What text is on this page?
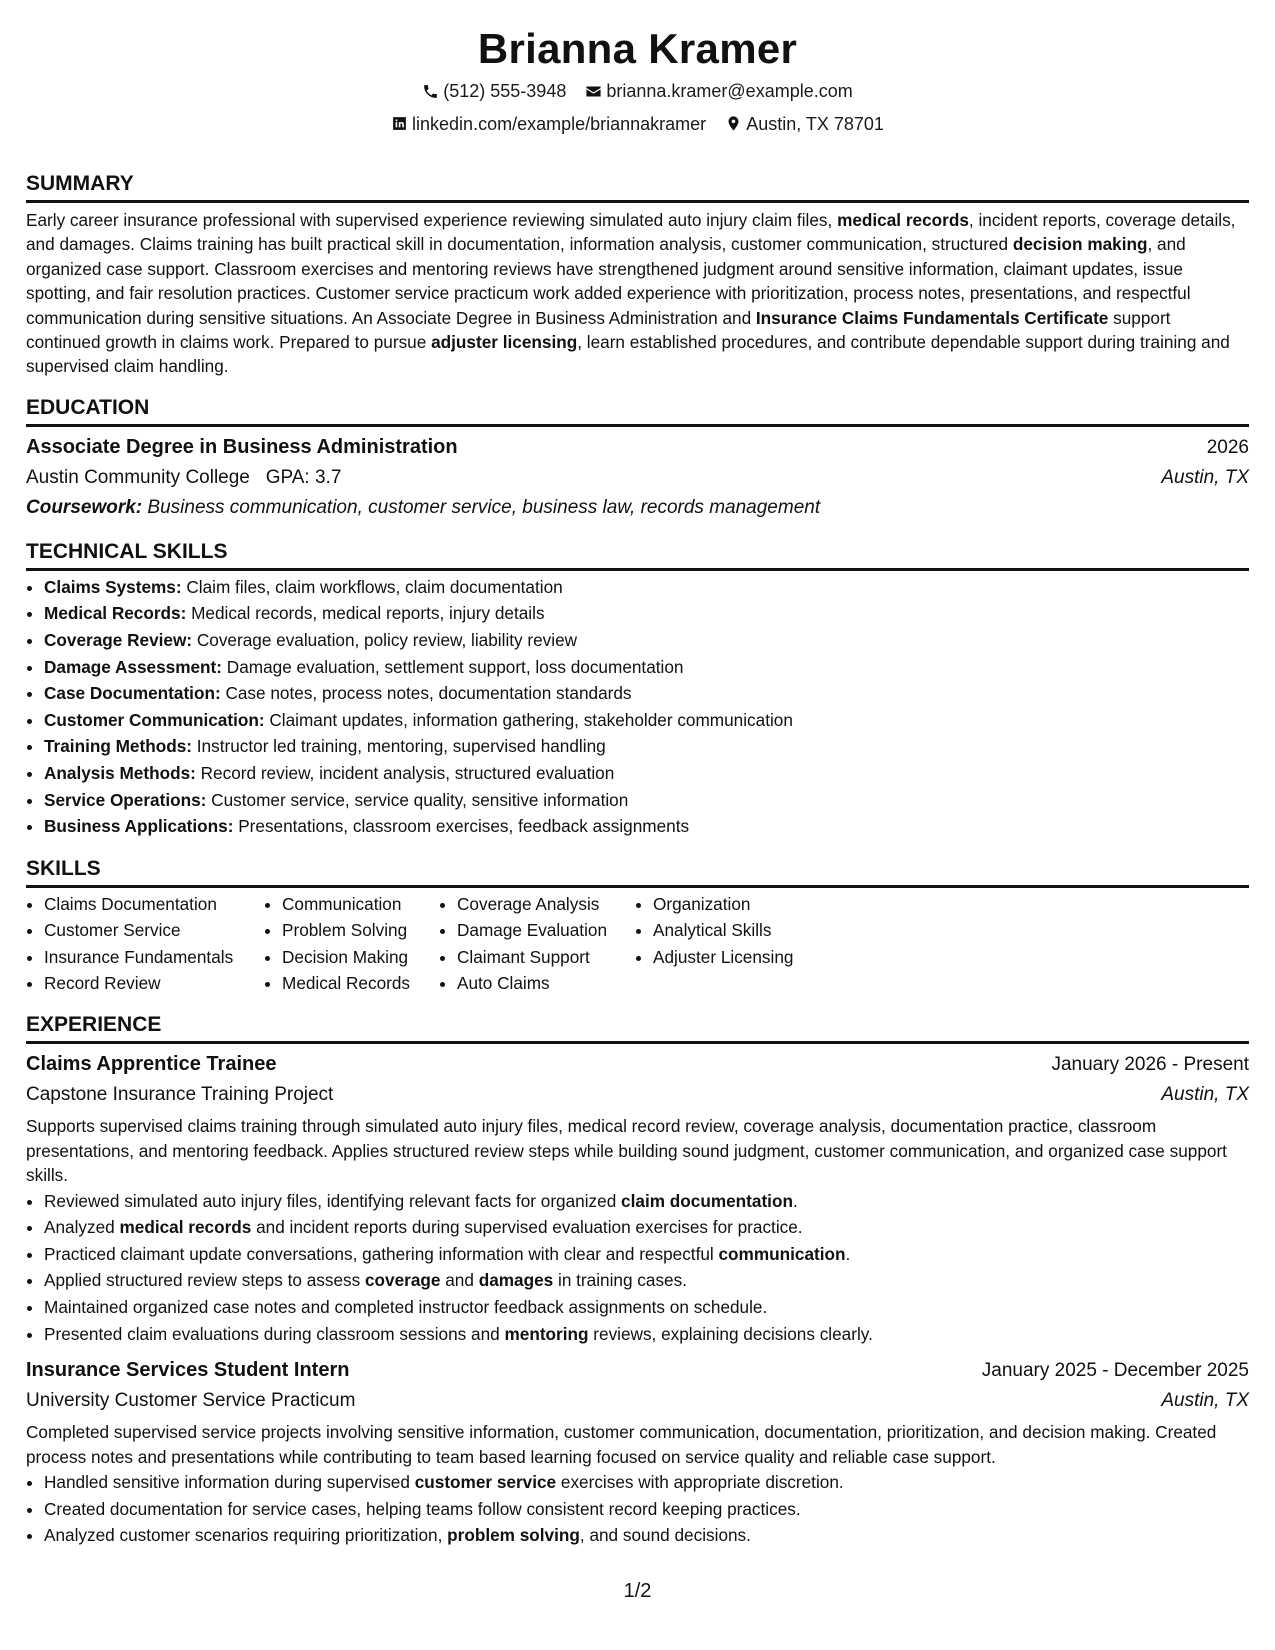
Brianna Kramer
(512) 555-3948
brianna.kramer@example.com
linkedin.com/example/briannakramer
Austin, TX 78701
SUMMARY

Early career insurance professional with supervised experience reviewing simulated auto injury claim files, medical records, incident reports, coverage details, and damages. Claims training has built practical skill in documentation, information analysis, customer communication, structured decision making, and organized case support. Classroom exercises and mentoring reviews have strengthened judgment around sensitive information, claimant updates, issue spotting, and fair resolution practices. Customer service practicum work added experience with prioritization, process notes, presentations, and respectful communication during sensitive situations. An Associate Degree in Business Administration and Insurance Claims Fundamentals Certificate support continued growth in claims work. Prepared to pursue adjuster licensing, learn established procedures, and contribute dependable support during training and supervised claim handling.

EDUCATION
Associate Degree in Business Administration	2026
Austin Community College GPA: 3.7	Austin, TX
Coursework: Business communication, customer service, business law, records management
TECHNICAL SKILLS
• Claims Systems: Claim files, claim workflows, claim documentation
• Medical Records: Medical records, medical reports, injury details
• Coverage Review: Coverage evaluation, policy review, liability review
• Damage Assessment: Damage evaluation, settlement support, loss documentation
• Case Documentation: Case notes, process notes, documentation standards
• Customer Communication: Claimant updates, information gathering, stakeholder communication
• Training Methods: Instructor led training, mentoring, supervised handling
• Analysis Methods: Record review, incident analysis, structured evaluation
• Service Operations: Customer service, service quality, sensitive information
• Business Applications: Presentations, classroom exercises, feedback assignments
SKILLS
• Claims Documentation
• Customer Service
• Insurance Fundamentals
• Record Review
• Communication
• Problem Solving
• Decision Making
• Medical Records
• Coverage Analysis
• Damage Evaluation
• Claimant Support
• Auto Claims
• Organization
• Analytical Skills
• Adjuster Licensing
EXPERIENCE
Claims Apprentice Trainee	January 2026 - Present
Capstone Insurance Training Project	Austin, TX

Supports supervised claims training through simulated auto injury files, medical record review, coverage analysis, documentation practice, classroom presentations, and mentoring feedback. Applies structured review steps while building sound judgment, customer communication, and organized case support skills.

• Reviewed simulated auto injury files, identifying relevant facts for organized claim documentation.
• Analyzed medical records and incident reports during supervised evaluation exercises for practice.
• Practiced claimant update conversations, gathering information with clear and respectful communication.
• Applied structured review steps to assess coverage and damages in training cases.
• Maintained organized case notes and completed instructor feedback assignments on schedule.
• Presented claim evaluations during classroom sessions and mentoring reviews, explaining decisions clearly.
Insurance Services Student Intern	January 2025 - December 2025
University Customer Service Practicum	Austin, TX

Completed supervised service projects involving sensitive information, customer communication, documentation, prioritization, and decision making. Created process notes and presentations while contributing to team based learning focused on service quality and reliable case support.

• Handled sensitive information during supervised customer service exercises with appropriate discretion.
• Created documentation for service cases, helping teams follow consistent record keeping practices.
• Analyzed customer scenarios requiring prioritization, problem solving, and sound decisions.
1/2
